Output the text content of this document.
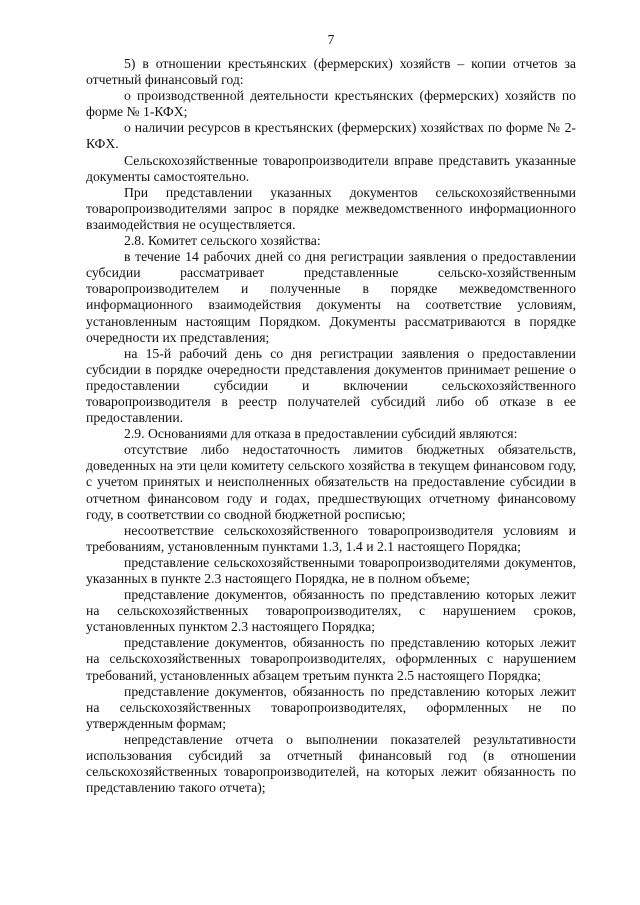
7

5) в отношении крестьянских (фермерских) хозяйств – копии отчетов за отчетный финансовый год:

о производственной деятельности крестьянских (фермерских) хозяйств по форме № 1-КФХ;

о наличии ресурсов в крестьянских (фермерских) хозяйствах по форме № 2-КФХ.

Сельскохозяйственные товаропроизводители вправе представить указанные документы самостоятельно.

При представлении указанных документов сельскохозяйственными товаропроизводителями запрос в порядке межведомственного информационного взаимодействия не осуществляется.

2.8. Комитет сельского хозяйства:

в течение 14 рабочих дней со дня регистрации заявления о предоставлении субсидии рассматривает представленные сельско-хозяйственным товаропроизводителем и полученные в порядке межведомственного информационного взаимодействия документы на соответствие условиям, установленным настоящим Порядком. Документы рассматриваются в порядке очередности их представления;

на 15-й рабочий день со дня регистрации заявления о предоставлении субсидии в порядке очередности представления документов принимает решение о предоставлении субсидии и включении сельскохозяйственного товаропроизводителя в реестр получателей субсидий либо об отказе в ее предоставлении.

2.9. Основаниями для отказа в предоставлении субсидий являются:

отсутствие либо недостаточность лимитов бюджетных обязательств, доведенных на эти цели комитету сельского хозяйства в текущем финансовом году, с учетом принятых и неисполненных обязательств на предоставление субсидии в отчетном финансовом году и годах, предшествующих отчетному финансовому году, в соответствии со сводной бюджетной росписью;

несоответствие сельскохозяйственного товаропроизводителя условиям и требованиям, установленным пунктами 1.3, 1.4 и 2.1 настоящего Порядка;

представление сельскохозяйственными товаропроизводителями документов, указанных в пункте 2.3 настоящего Порядка, не в полном объеме;

представление документов, обязанность по представлению которых лежит на сельскохозяйственных товаропроизводителях, с нарушением сроков, установленных пунктом 2.3 настоящего Порядка;

представление документов, обязанность по представлению которых лежит на сельскохозяйственных товаропроизводителях, оформленных с нарушением требований, установленных абзацем третьим пункта 2.5 настоящего Порядка;

представление документов, обязанность по представлению которых лежит на сельскохозяйственных товаропроизводителях, оформленных не по утвержденным формам;

непредставление отчета о выполнении показателей результативности использования субсидий за отчетный финансовый год (в отношении сельскохозяйственных товаропроизводителей, на которых лежит обязанность по представлению такого отчета);
